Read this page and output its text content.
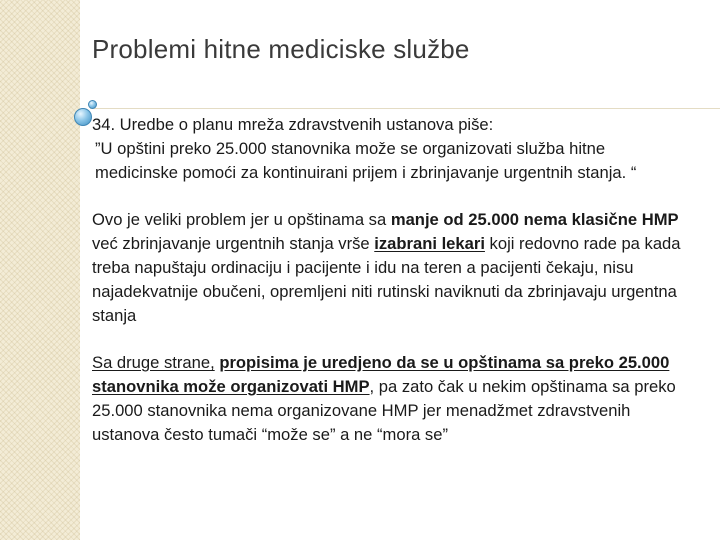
Problemi hitne mediciske službe

34. Uredbe o planu mreža zdravstvenih ustanova piše:

”U opštini preko 25.000 stanovnika može se organizovati služba hitne medicinske pomoći za kontinuirani prijem i zbrinjavanje urgentnih stanja. “

Ovo je veliki problem jer u opštinama sa manje od 25.000 nema klasične HMP već zbrinjavanje urgentnih stanja vrše izabrani lekari koji redovno rade pa kada treba napuštaju ordinaciju i pacijente i idu na teren a pacijenti čekaju, nisu najadekvatnije obučeni, opremljeni niti rutinski naviknuti da zbrinjavaju urgentna stanja

Sa druge strane, propisima je uredjeno da se u opštinama sa preko 25.000 stanovnika može organizovati HMP, pa zato čak u nekim opštinama sa preko 25.000 stanovnika nema organizovane HMP jer menadžmet zdravstvenih ustanova često tumači “može se” a ne “mora se”
